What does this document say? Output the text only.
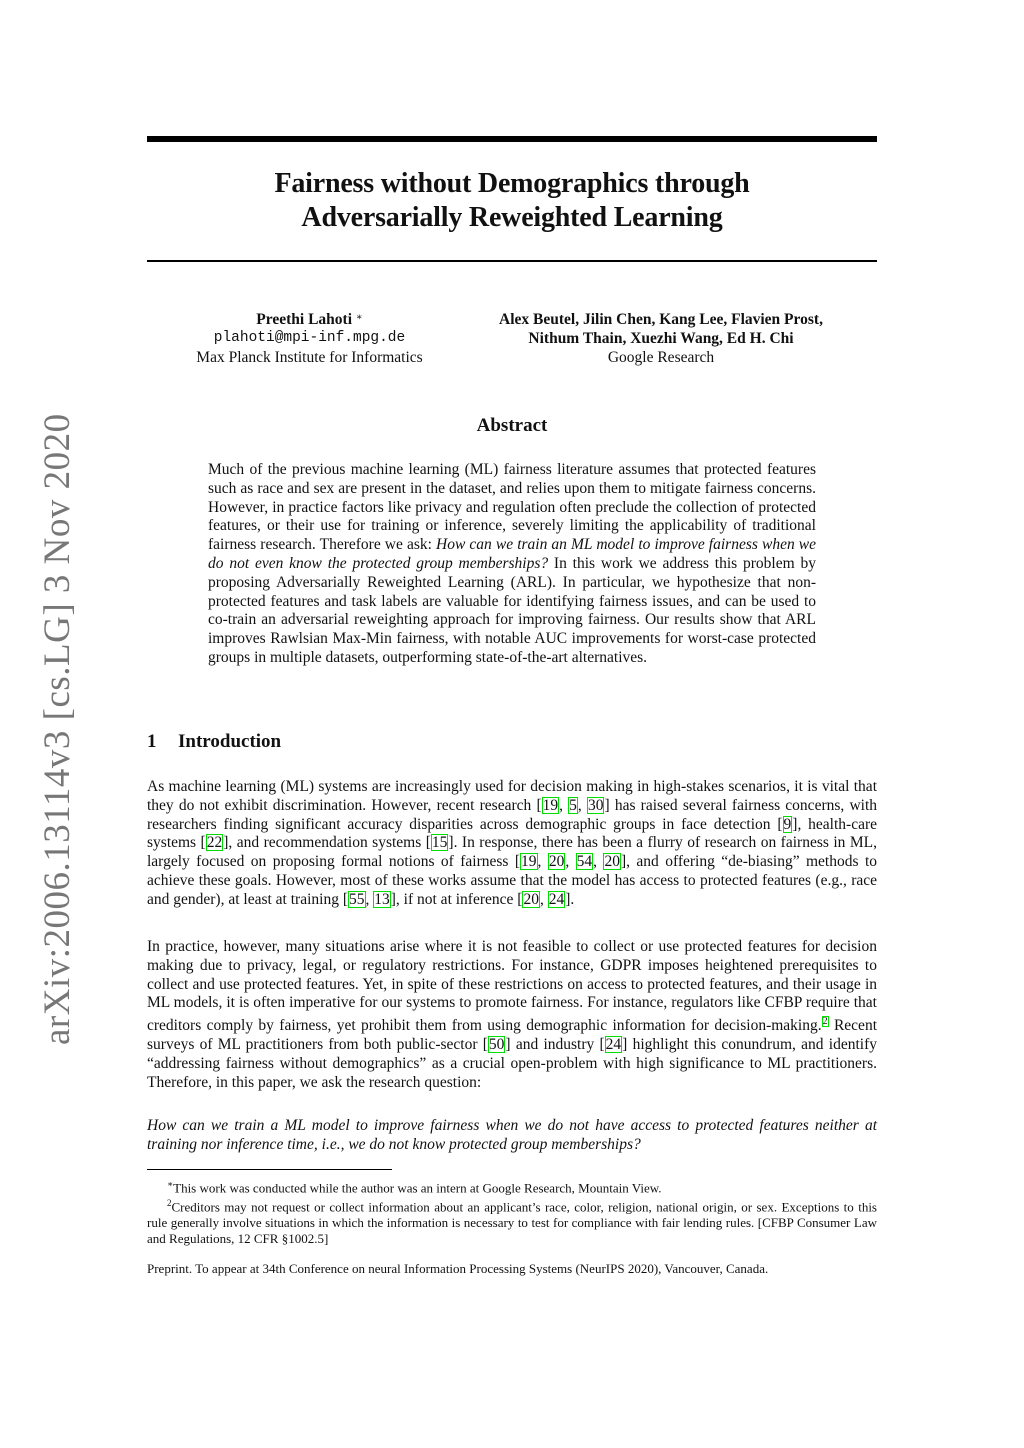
arXiv:2006.13114v3 [cs.LG] 3 Nov 2020
Fairness without Demographics through
Adversarially Reweighted Learning
Preethi Lahoti ∗
plahoti@mpi-inf.mpg.de
Max Planck Institute for Informatics
Alex Beutel, Jilin Chen, Kang Lee, Flavien Prost,
Nithum Thain, Xuezhi Wang, Ed H. Chi
Google Research
Abstract
Much of the previous machine learning (ML) fairness literature assumes that protected features such as race and sex are present in the dataset, and relies upon them to mitigate fairness concerns. However, in practice factors like privacy and regulation often preclude the collection of protected features, or their use for training or inference, severely limiting the applicability of traditional fairness research. Therefore we ask: How can we train an ML model to improve fairness when we do not even know the protected group memberships? In this work we address this problem by proposing Adversarially Reweighted Learning (ARL). In particular, we hypothesize that non-protected features and task labels are valuable for identifying fairness issues, and can be used to co-train an adversarial reweighting approach for improving fairness. Our results show that ARL improves Rawlsian Max-Min fairness, with notable AUC improvements for worst-case protected groups in multiple datasets, outperforming state-of-the-art alternatives.
1 Introduction
As machine learning (ML) systems are increasingly used for decision making in high-stakes scenarios, it is vital that they do not exhibit discrimination. However, recent research [19, 5, 30] has raised several fairness concerns, with researchers finding significant accuracy disparities across demographic groups in face detection [9], health-care systems [22], and recommendation systems [15]. In response, there has been a flurry of research on fairness in ML, largely focused on proposing formal notions of fairness [19, 20, 54, 20], and offering “de-biasing” methods to achieve these goals. However, most of these works assume that the model has access to protected features (e.g., race and gender), at least at training [55, 13], if not at inference [20, 24].
In practice, however, many situations arise where it is not feasible to collect or use protected features for decision making due to privacy, legal, or regulatory restrictions. For instance, GDPR imposes heightened prerequisites to collect and use protected features. Yet, in spite of these restrictions on access to protected features, and their usage in ML models, it is often imperative for our systems to promote fairness. For instance, regulators like CFBP require that creditors comply by fairness, yet prohibit them from using demographic information for decision-making.$^2$ Recent surveys of ML practitioners from both public-sector [50] and industry [24] highlight this conundrum, and identify “addressing fairness without demographics” as a crucial open-problem with high significance to ML practitioners. Therefore, in this paper, we ask the research question:
How can we train a ML model to improve fairness when we do not have access to protected features neither at training nor inference time, i.e., we do not know protected group memberships?
∗This work was conducted while the author was an intern at Google Research, Mountain View.
$^2$Creditors may not request or collect information about an applicant’s race, color, religion, national origin, or sex. Exceptions to this rule generally involve situations in which the information is necessary to test for compliance with fair lending rules. [CFBP Consumer Law and Regulations, 12 CFR §1002.5]
Preprint. To appear at 34th Conference on neural Information Processing Systems (NeurIPS 2020), Vancouver, Canada.
